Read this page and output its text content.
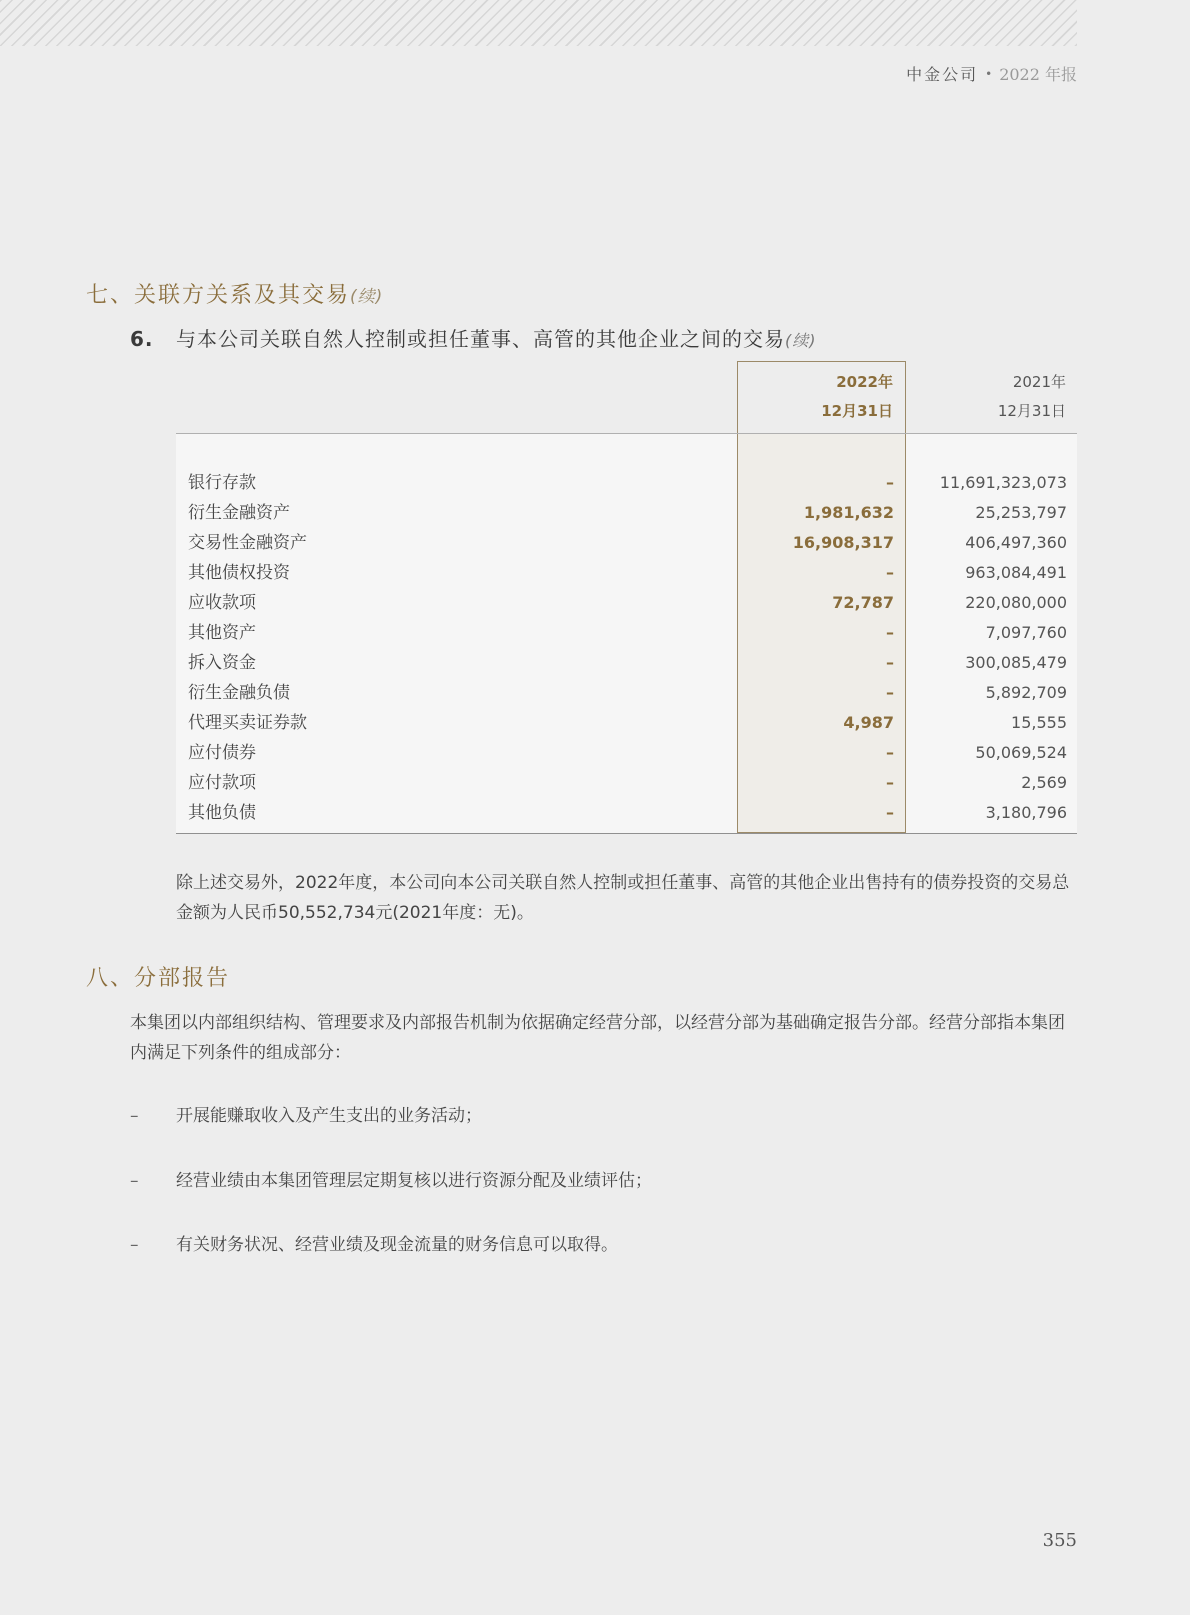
中金公司 • 2022 年报
七、关联方关系及其交易(续)
6. 与本公司关联自然人控制或担任董事、高管的其他企业之间的交易(续)
2022年
12月31日
2021年
12月31日
银行存款	–	11,691,323,073
衍生金融资产	1,981,632	25,253,797
交易性金融资产	16,908,317	406,497,360
其他债权投资	–	963,084,491
应收款项	72,787	220,080,000
其他资产	–	7,097,760
拆入资金	–	300,085,479
衍生金融负债	–	5,892,709
代理买卖证券款	4,987	15,555
应付债券	–	50,069,524
应付款项	–	2,569
其他负债	–	3,180,796
除上述交易外，2022年度，本公司向本公司关联自然人控制或担任董事、高管的其他企业出售持有的债券投资的交易总金额为人民币50,552,734元(2021年度：无)。
八、分部报告
本集团以内部组织结构、管理要求及内部报告机制为依据确定经营分部，以经营分部为基础确定报告分部。经营分部指本集团内满足下列条件的组成部分：
– 开展能赚取收入及产生支出的业务活动；
– 经营业绩由本集团管理层定期复核以进行资源分配及业绩评估；
– 有关财务状况、经营业绩及现金流量的财务信息可以取得。
355
